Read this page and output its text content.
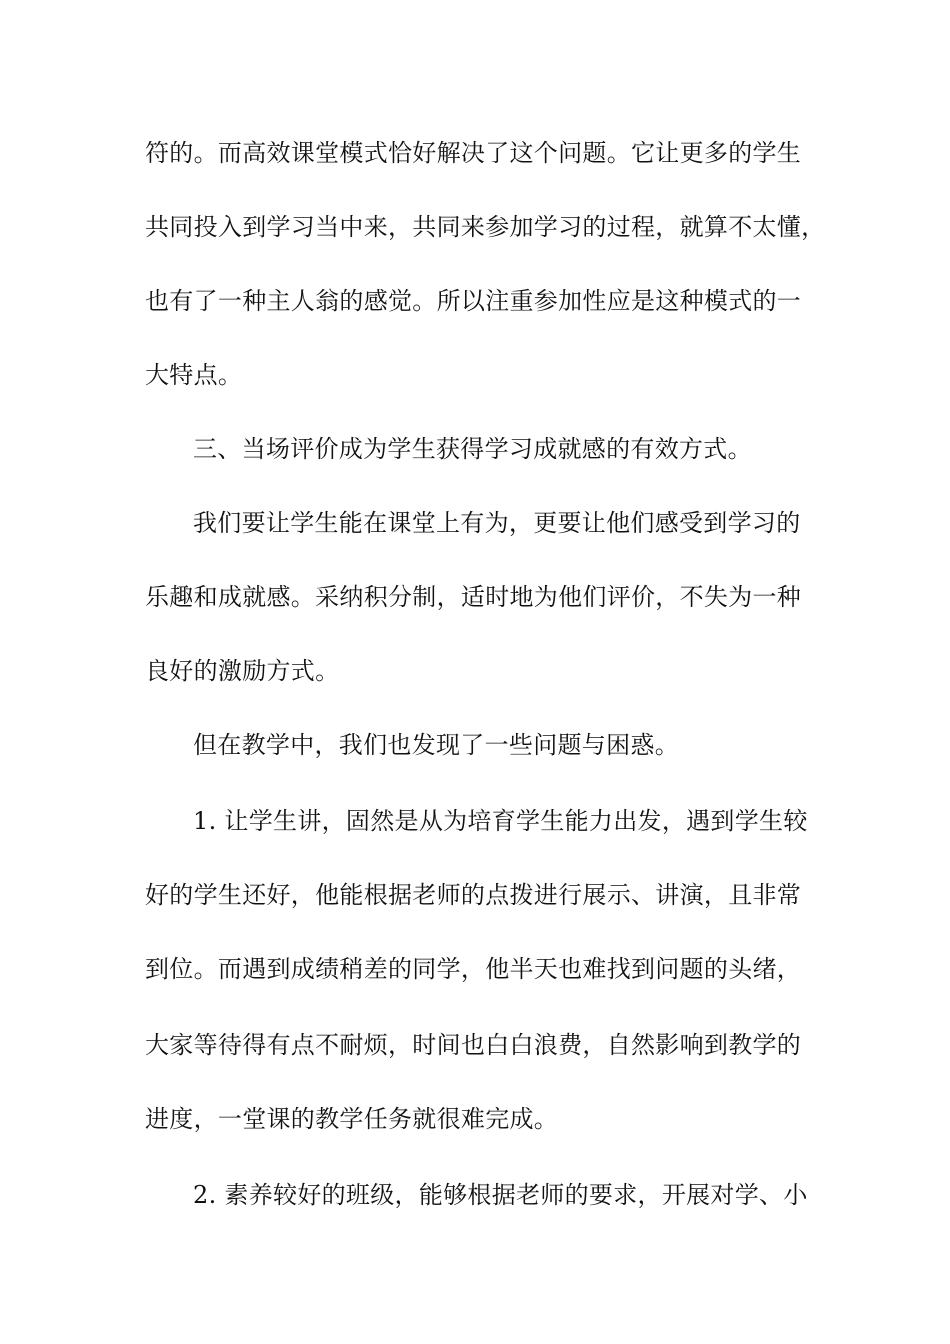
符的。而高效课堂模式恰好解决了这个问题。它让更多的学生
共同投入到学习当中来，共同来参加学习的过程，就算不太懂，
也有了一种主人翁的感觉。所以注重参加性应是这种模式的一
大特点。
三、当场评价成为学生获得学习成就感的有效方式。
我们要让学生能在课堂上有为，更要让他们感受到学习的
乐趣和成就感。采纳积分制，适时地为他们评价，不失为一种
良好的激励方式。
但在教学中，我们也发现了一些问题与困惑。
1. 让学生讲，固然是从为培育学生能力出发，遇到学生较
好的学生还好，他能根据老师的点拨进行展示、讲演，且非常
到位。而遇到成绩稍差的同学，他半天也难找到问题的头绪，
大家等待得有点不耐烦，时间也白白浪费，自然影响到教学的
进度，一堂课的教学任务就很难完成。
2. 素养较好的班级，能够根据老师的要求，开展对学、小
